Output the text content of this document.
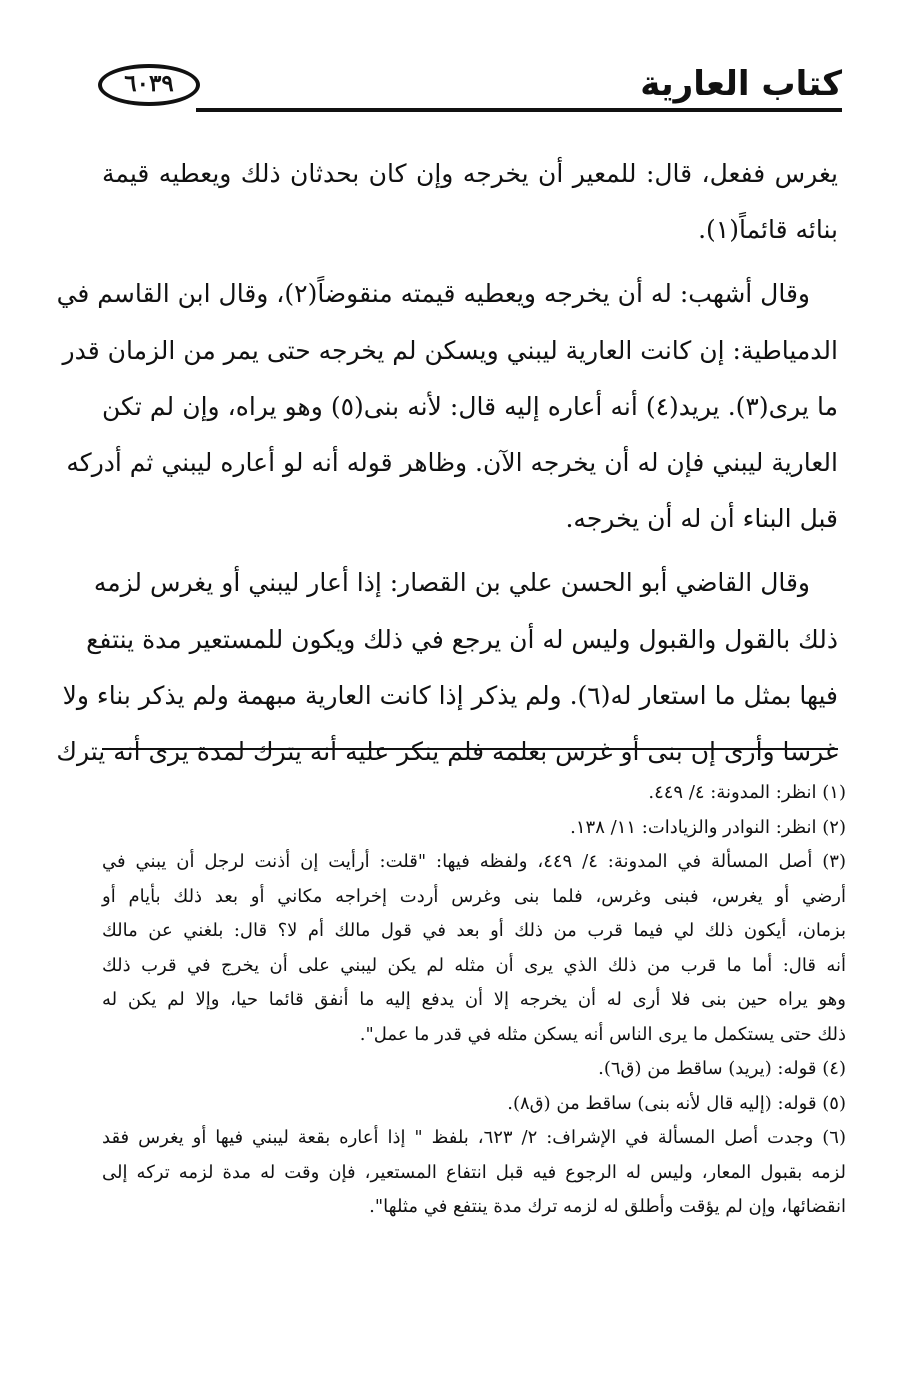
٦٠٣٩	كتاب العارية
يغرس ففعل، قال: للمعير أن يخرجه وإن كان بحدثان ذلك ويعطيه قيمة
بنائه قائماً(١).
وقال أشهب: له أن يخرجه ويعطيه قيمته منقوضاً(٢)، وقال ابن القاسم في
الدمياطية: إن كانت العارية ليبني ويسكن لم يخرجه حتى يمر من الزمان قدر
ما يرى(٣). يريد(٤) أنه أعاره إليه قال: لأنه بنى(٥) وهو يراه، وإن لم تكن
العارية ليبني فإن له أن يخرجه الآن. وظاهر قوله أنه لو أعاره ليبني ثم أدركه
قبل البناء أن له أن يخرجه.
وقال القاضي أبو الحسن علي بن القصار: إذا أعار ليبني أو يغرس لزمه
ذلك بالقول والقبول وليس له أن يرجع في ذلك ويكون للمستعير مدة ينتفع
فيها بمثل ما استعار له(٦). ولم يذكر إذا كانت العارية مبهمة ولم يذكر بناء ولا
غرسا وأرى إن بنى أو غرس بعلمه فلم ينكر عليه أنه يترك لمدة يرى أنه يترك
(١) انظر: المدونة: ٤/ ٤٤٩.
(٢) انظر: النوادر والزيادات: ١١/ ١٣٨.
(٣) أصل المسألة في المدونة: ٤/ ٤٤٩، ولفظه فيها: "قلت: أرأيت إن أذنت لرجل أن يبني في
أرضي أو يغرس، فبنى وغرس، فلما بنى وغرس أردت إخراجه مكاني أو بعد ذلك بأيام أو
بزمان، أيكون ذلك لي فيما قرب من ذلك أو بعد في قول مالك أم لا؟ قال: بلغني عن مالك
أنه قال: أما ما قرب من ذلك الذي يرى أن مثله لم يكن ليبني على أن يخرج في قرب ذلك
وهو يراه حين بنى فلا أرى له أن يخرجه إلا أن يدفع إليه ما أنفق قائما حيا، وإلا لم يكن له
ذلك حتى يستكمل ما يرى الناس أنه يسكن مثله في قدر ما عمل".
(٤) قوله: (يريد) ساقط من (ق٦).
(٥) قوله: (إليه قال لأنه بنى) ساقط من (ق٨).
(٦) وجدت أصل المسألة في الإشراف: ٢/ ٦٢٣، بلفظ " إذا أعاره بقعة ليبني فيها أو يغرس فقد
لزمه بقبول المعار، وليس له الرجوع فيه قبل انتفاع المستعير، فإن وقت له مدة لزمه تركه إلى
انقضائها، وإن لم يؤقت وأطلق له لزمه ترك مدة ينتفع في مثلها".
